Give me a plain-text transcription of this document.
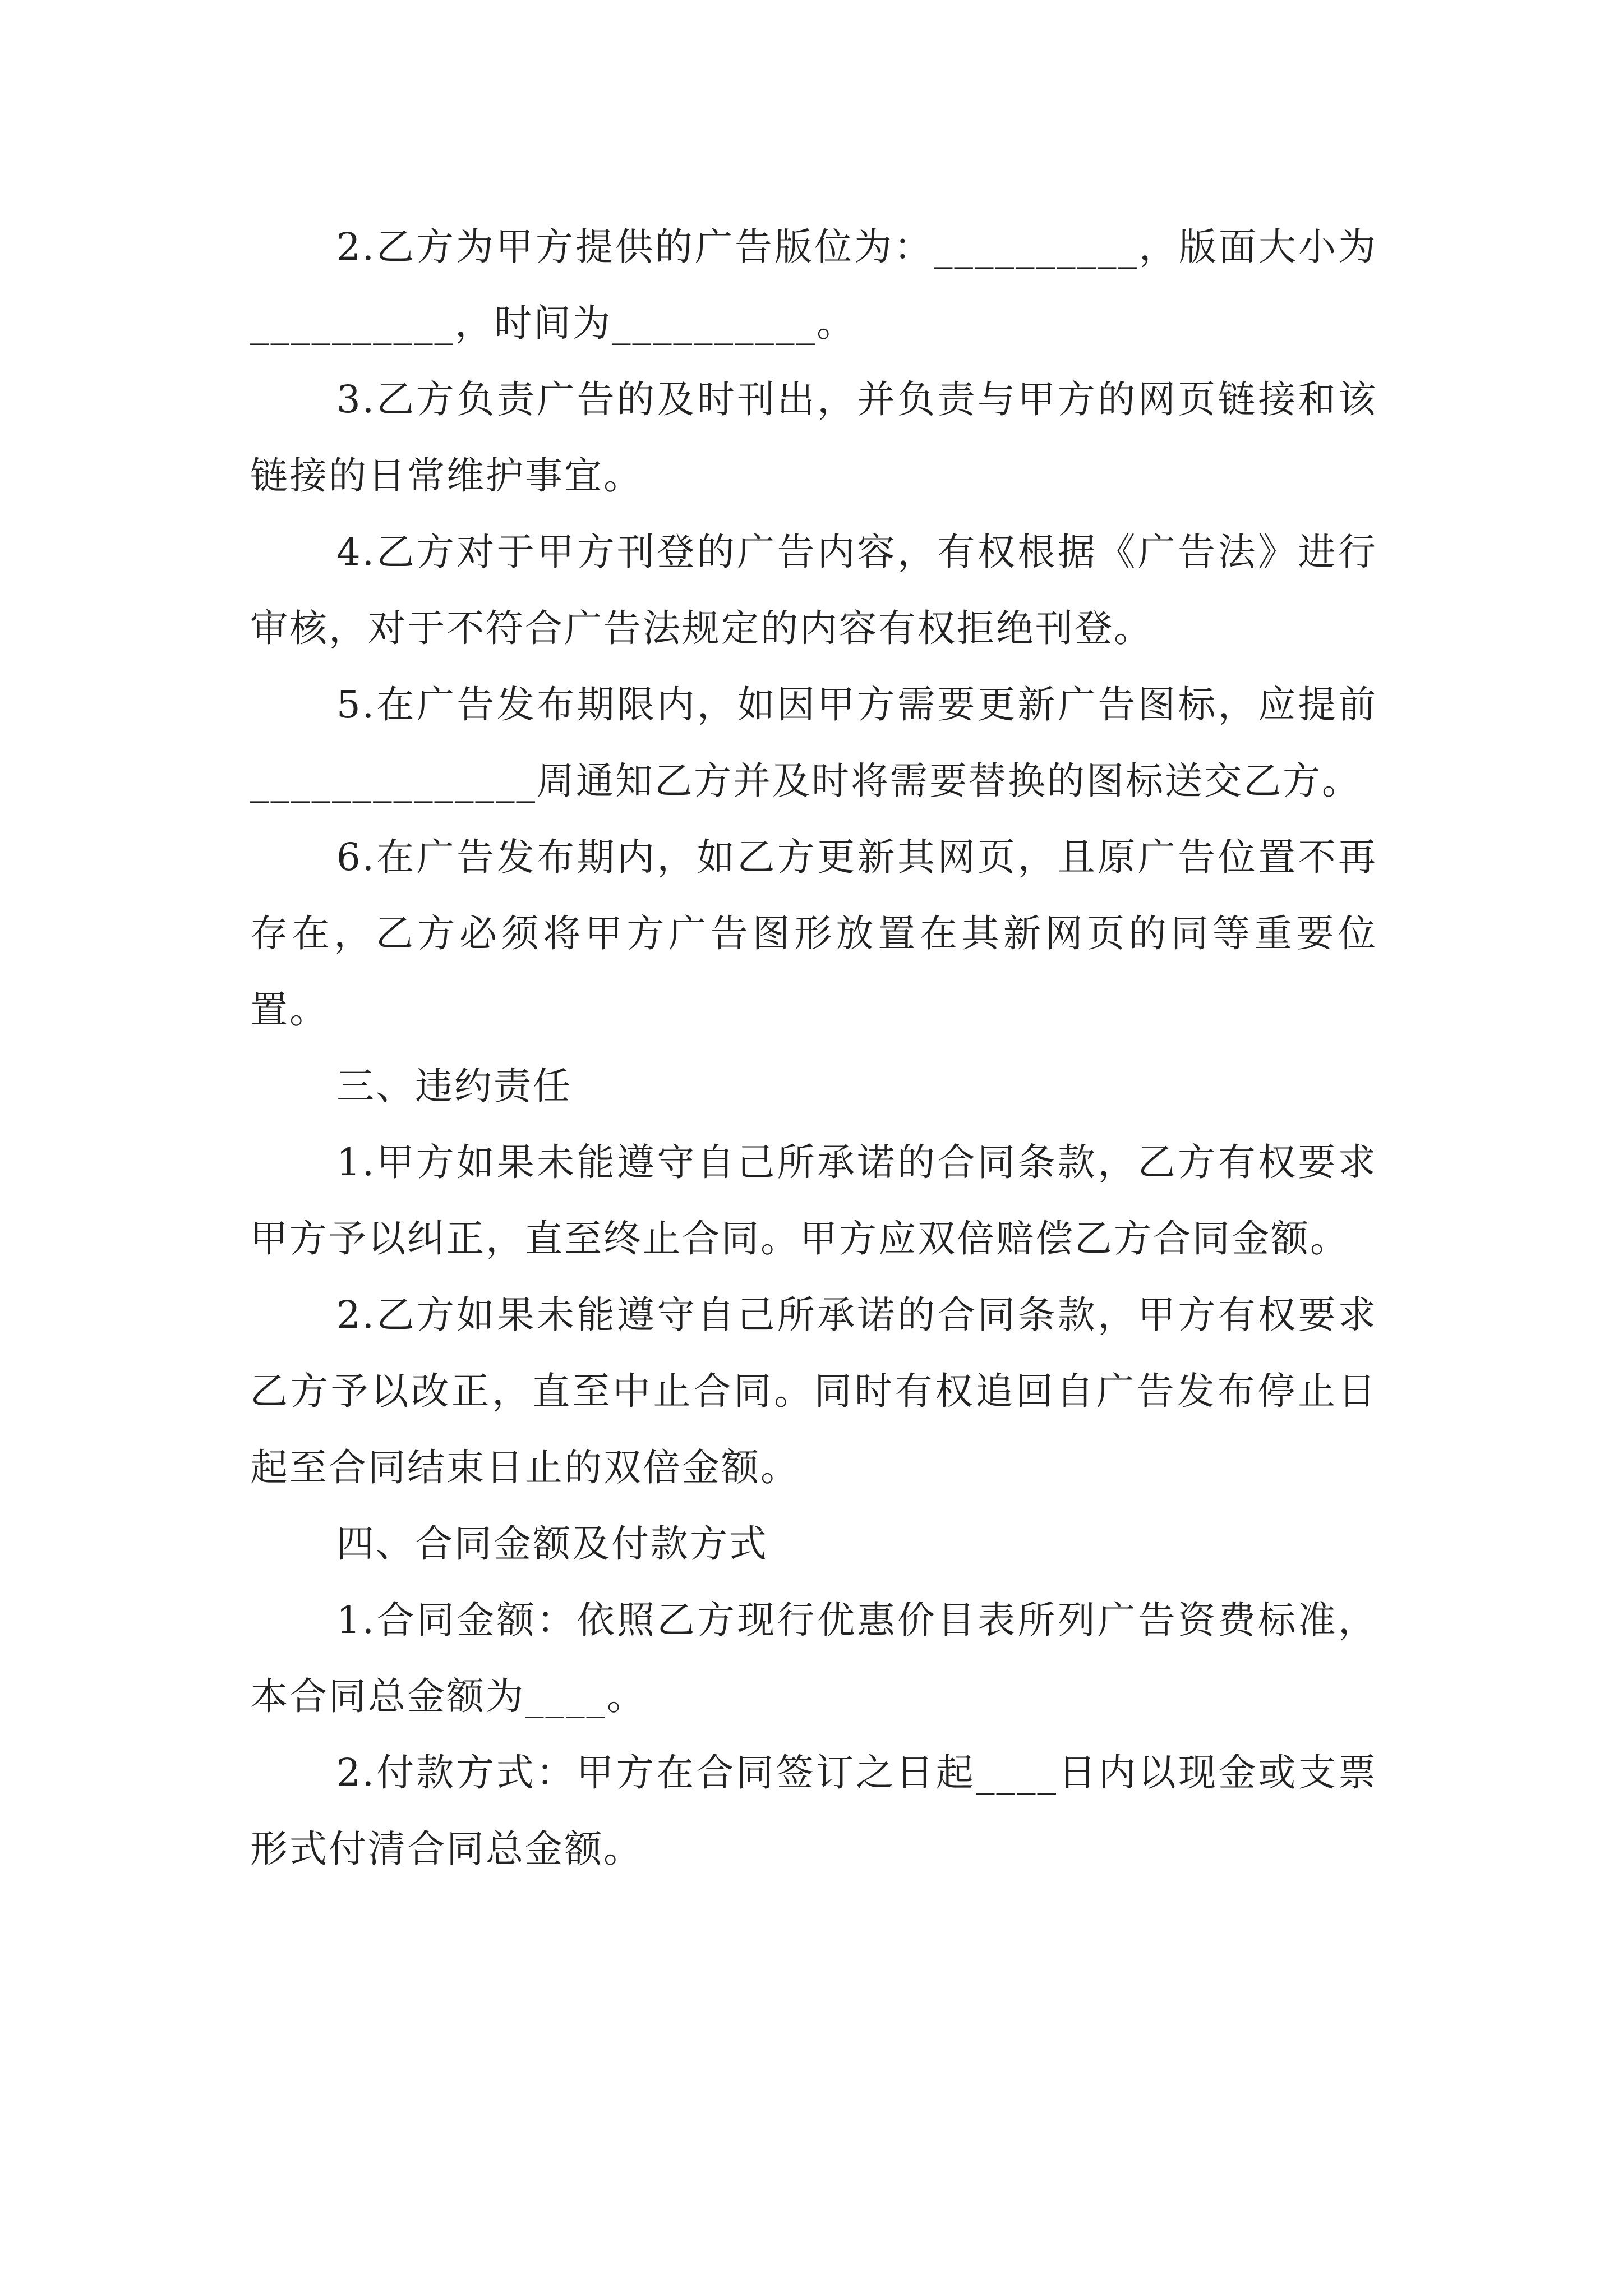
2.乙方为甲方提供的广告版位为：__________，版面大小为__________，时间为__________。

3.乙方负责广告的及时刊出，并负责与甲方的网页链接和该链接的日常维护事宜。

4.乙方对于甲方刊登的广告内容，有权根据《广告法》进行审核，对于不符合广告法规定的内容有权拒绝刊登。

5.在广告发布期限内，如因甲方需要更新广告图标，应提前______________周通知乙方并及时将需要替换的图标送交乙方。

6.在广告发布期内，如乙方更新其网页，且原广告位置不再存在，乙方必须将甲方广告图形放置在其新网页的同等重要位置。

三、违约责任

1.甲方如果未能遵守自己所承诺的合同条款，乙方有权要求甲方予以纠正，直至终止合同。甲方应双倍赔偿乙方合同金额。

2.乙方如果未能遵守自己所承诺的合同条款，甲方有权要求乙方予以改正，直至中止合同。同时有权追回自广告发布停止日起至合同结束日止的双倍金额。

四、合同金额及付款方式

1.合同金额：依照乙方现行优惠价目表所列广告资费标准，本合同总金额为____。

2.付款方式：甲方在合同签订之日起____日内以现金或支票形式付清合同总金额。
